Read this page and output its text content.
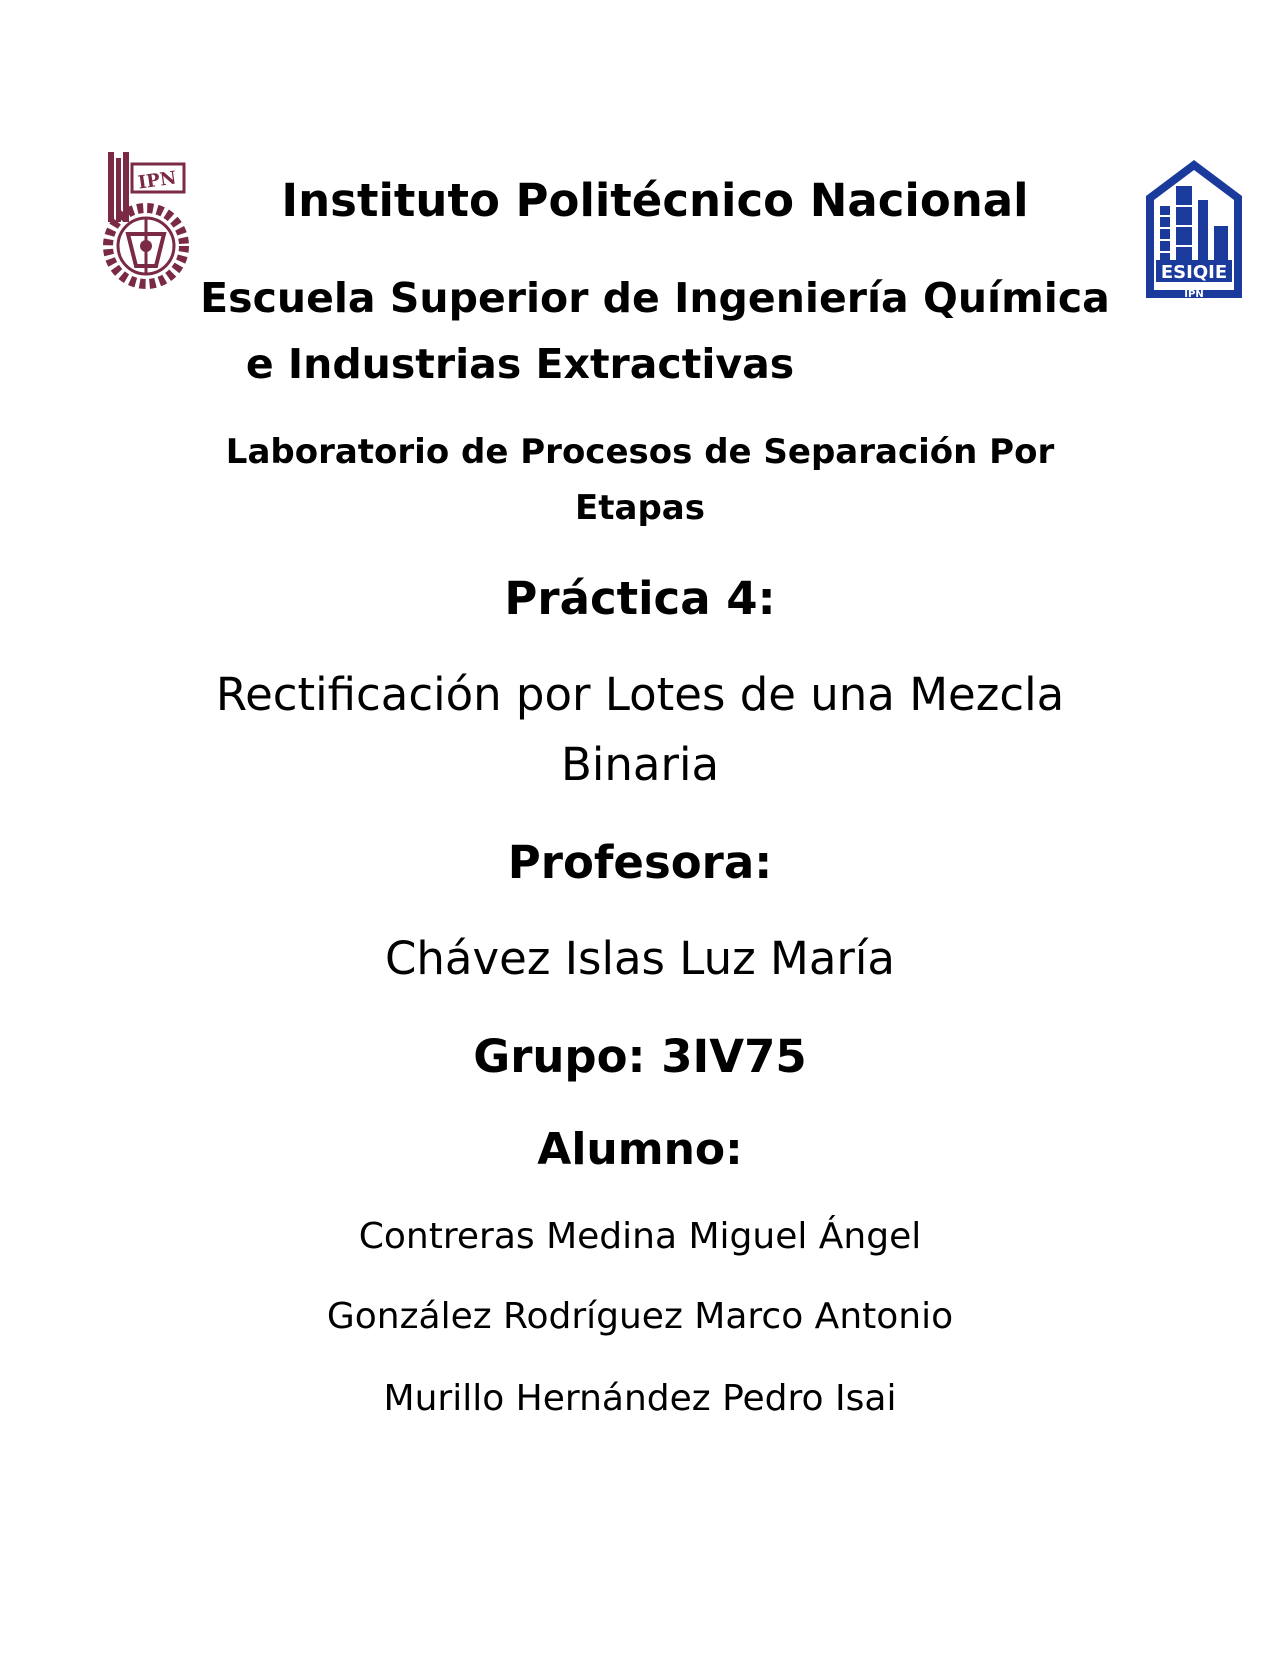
IPN
ESIQIE
IPN
Instituto Politécnico Nacional
Escuela Superior de Ingeniería Química
e Industrias Extractivas
Laboratorio de Procesos de Separación Por
Etapas
Práctica 4:
Rectificación por Lotes de una Mezcla
Binaria
Profesora:
Chávez Islas Luz María
Grupo: 3IV75
Alumno:
Contreras Medina Miguel Ángel
González Rodríguez Marco Antonio
Murillo Hernández Pedro Isai
